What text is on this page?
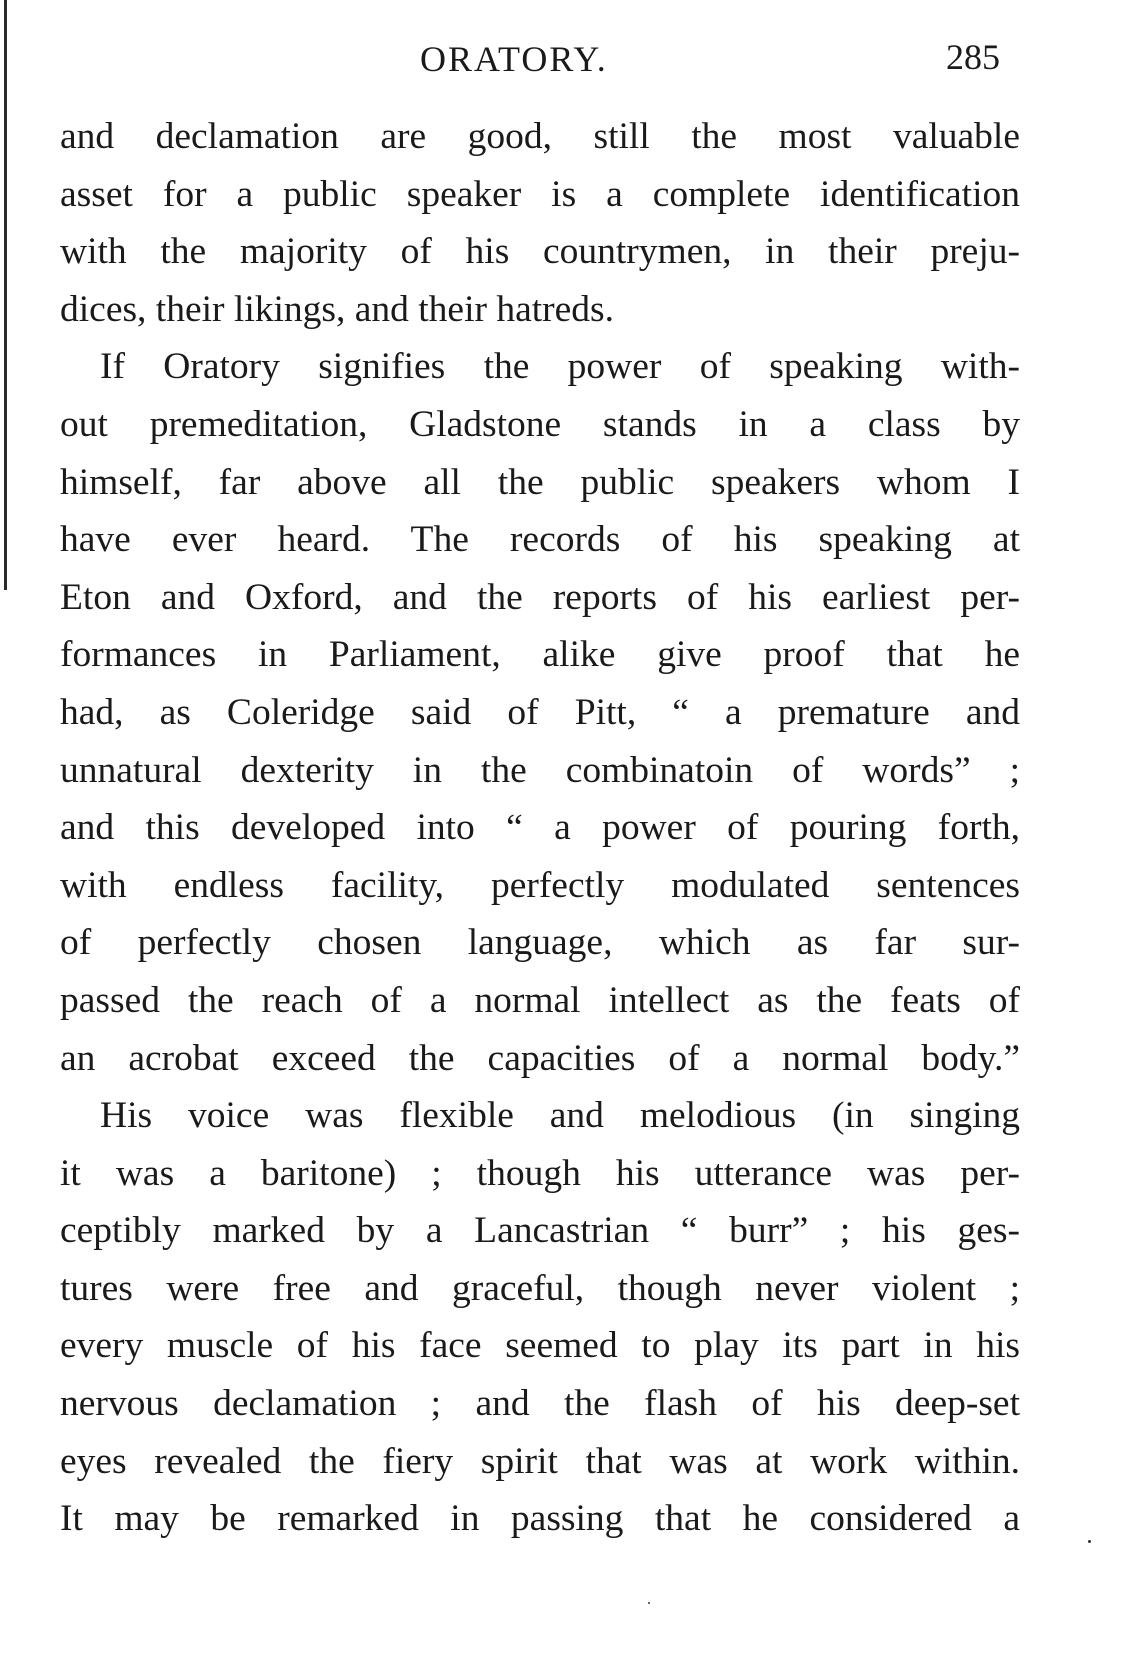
ORATORY.	285
and declamation are good, still the most valuable
asset for a public speaker is a complete identification
with the majority of his countrymen, in their preju-
dices, their likings, and their hatreds.
If Oratory signifies the power of speaking with-
out premeditation, Gladstone stands in a class by
himself, far above all the public speakers whom I
have ever heard. The records of his speaking at
Eton and Oxford, and the reports of his earliest per-
formances in Parliament, alike give proof that he
had, as Coleridge said of Pitt, “ a premature and
unnatural dexterity in the combinatoin of words” ;
and this developed into “ a power of pouring forth,
with endless facility, perfectly modulated sentences
of perfectly chosen language, which as far sur-
passed the reach of a normal intellect as the feats of
an acrobat exceed the capacities of a normal body.”
His voice was flexible and melodious (in singing
it was a baritone) ; though his utterance was per-
ceptibly marked by a Lancastrian “ burr” ; his ges-
tures were free and graceful, though never violent ;
every muscle of his face seemed to play its part in his
nervous declamation ; and the flash of his deep-set
eyes revealed the fiery spirit that was at work within.
It may be remarked in passing that he considered a
